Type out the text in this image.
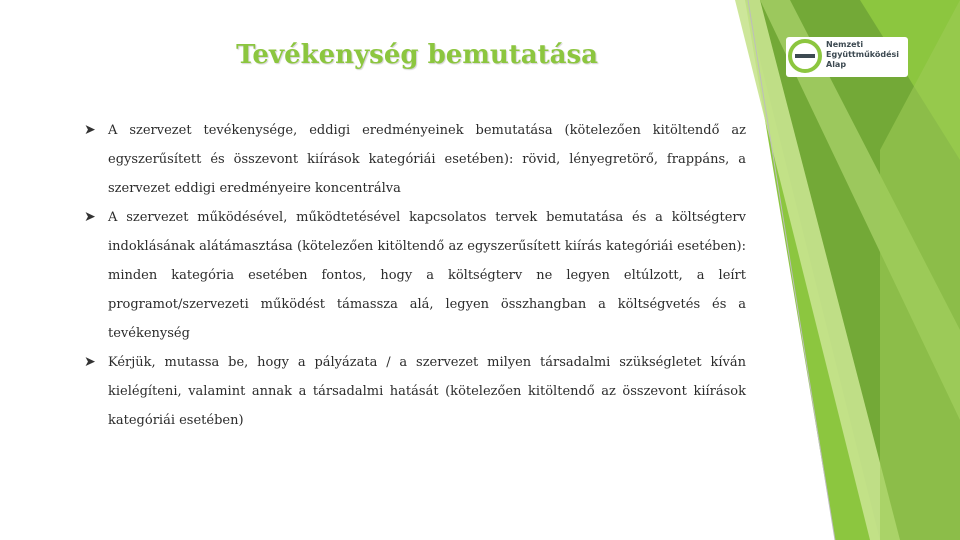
Nemzeti
Együttműködési
Alap
Tevékenység bemutatása
➤ A szervezet tevékenysége, eddigi eredményeinek bemutatása (kötelezően kitöltendő az egyszerűsített és összevont kiírások kategóriái esetében): rövid, lényegretörő, frappáns, a szervezet eddigi eredményeire koncentrálva
➤ A szervezet működésével, működtetésével kapcsolatos tervek bemutatása és a költségterv indoklásának alátámasztása (kötelezően kitöltendő az egyszerűsített kiírás kategóriái esetében): minden kategória esetében fontos, hogy a költségterv ne legyen eltúlzott, a leírt programot/szervezeti működést támassza alá, legyen összhangban a költségvetés és a tevékenység
➤ Kérjük, mutassa be, hogy a pályázata / a szervezet milyen társadalmi szükségletet kíván kielégíteni, valamint annak a társadalmi hatását (kötelezően kitöltendő az összevont kiírások kategóriái esetében)
